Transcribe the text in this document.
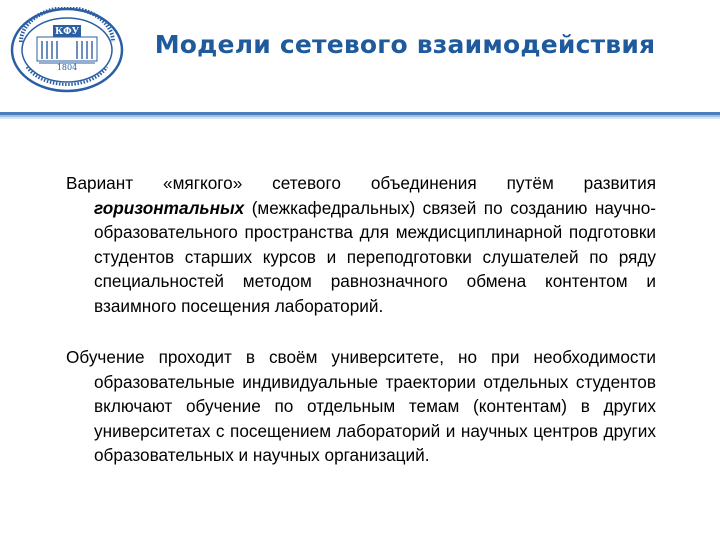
КФУ
1804
Модели сетевого взаимодействия

Вариант «мягкого» сетевого объединения путём развития горизонтальных (межкафедральных) связей по созданию научно-образовательного пространства для междисциплинарной подготовки студентов старших курсов и переподготовки слушателей по ряду специальностей методом равнозначного обмена контентом и взаимного посещения лабораторий.

Обучение проходит в своём университете, но при необходимости образовательные индивидуальные траектории отдельных студентов включают обучение по отдельным темам (контентам) в других университетах с посещением лабораторий и научных центров других образовательных и научных организаций.
